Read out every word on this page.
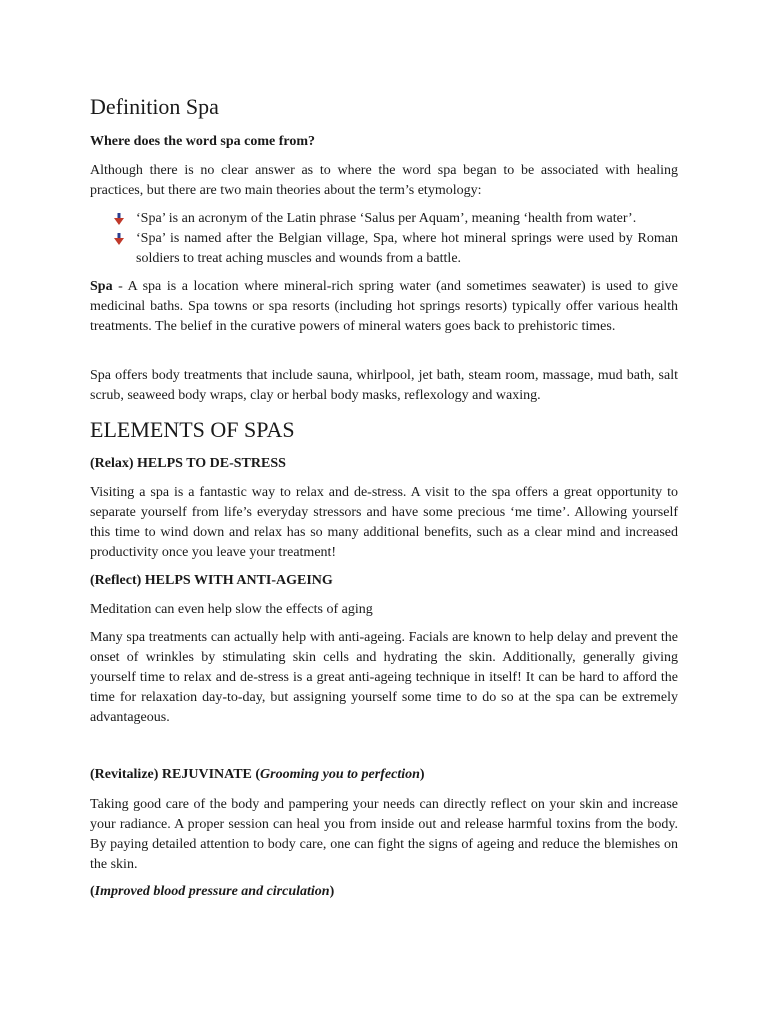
Definition Spa

Where does the word spa come from?

Although there is no clear answer as to where the word spa began to be associated with healing practices, but there are two main theories about the term’s etymology:

‘Spa’ is an acronym of the Latin phrase ‘Salus per Aquam’, meaning ‘health from water’.
‘Spa’ is named after the Belgian village, Spa, where hot mineral springs were used by Roman soldiers to treat aching muscles and wounds from a battle.

Spa - A spa is a location where mineral-rich spring water (and sometimes seawater) is used to give medicinal baths. Spa towns or spa resorts (including hot springs resorts) typically offer various health treatments. The belief in the curative powers of mineral waters goes back to prehistoric times.

Spa offers body treatments that include sauna, whirlpool, jet bath, steam room, massage, mud bath, salt scrub, seaweed body wraps, clay or herbal body masks, reflexology and waxing.

ELEMENTS OF SPAS

(Relax) HELPS TO DE-STRESS

Visiting a spa is a fantastic way to relax and de-stress. A visit to the spa offers a great opportunity to separate yourself from life’s everyday stressors and have some precious ‘me time’. Allowing yourself this time to wind down and relax has so many additional benefits, such as a clear mind and increased productivity once you leave your treatment!

(Reflect) HELPS WITH ANTI-AGEING

Meditation can even help slow the effects of aging

Many spa treatments can actually help with anti-ageing. Facials are known to help delay and prevent the onset of wrinkles by stimulating skin cells and hydrating the skin. Additionally, generally giving yourself time to relax and de-stress is a great anti-ageing technique in itself! It can be hard to afford the time for relaxation day-to-day, but assigning yourself some time to do so at the spa can be extremely advantageous.

(Revitalize) REJUVINATE (Grooming you to perfection)

Taking good care of the body and pampering your needs can directly reflect on your skin and increase your radiance. A proper session can heal you from inside out and release harmful toxins from the body. By paying detailed attention to body care, one can fight the signs of ageing and reduce the blemishes on the skin.

(Improved blood pressure and circulation)
